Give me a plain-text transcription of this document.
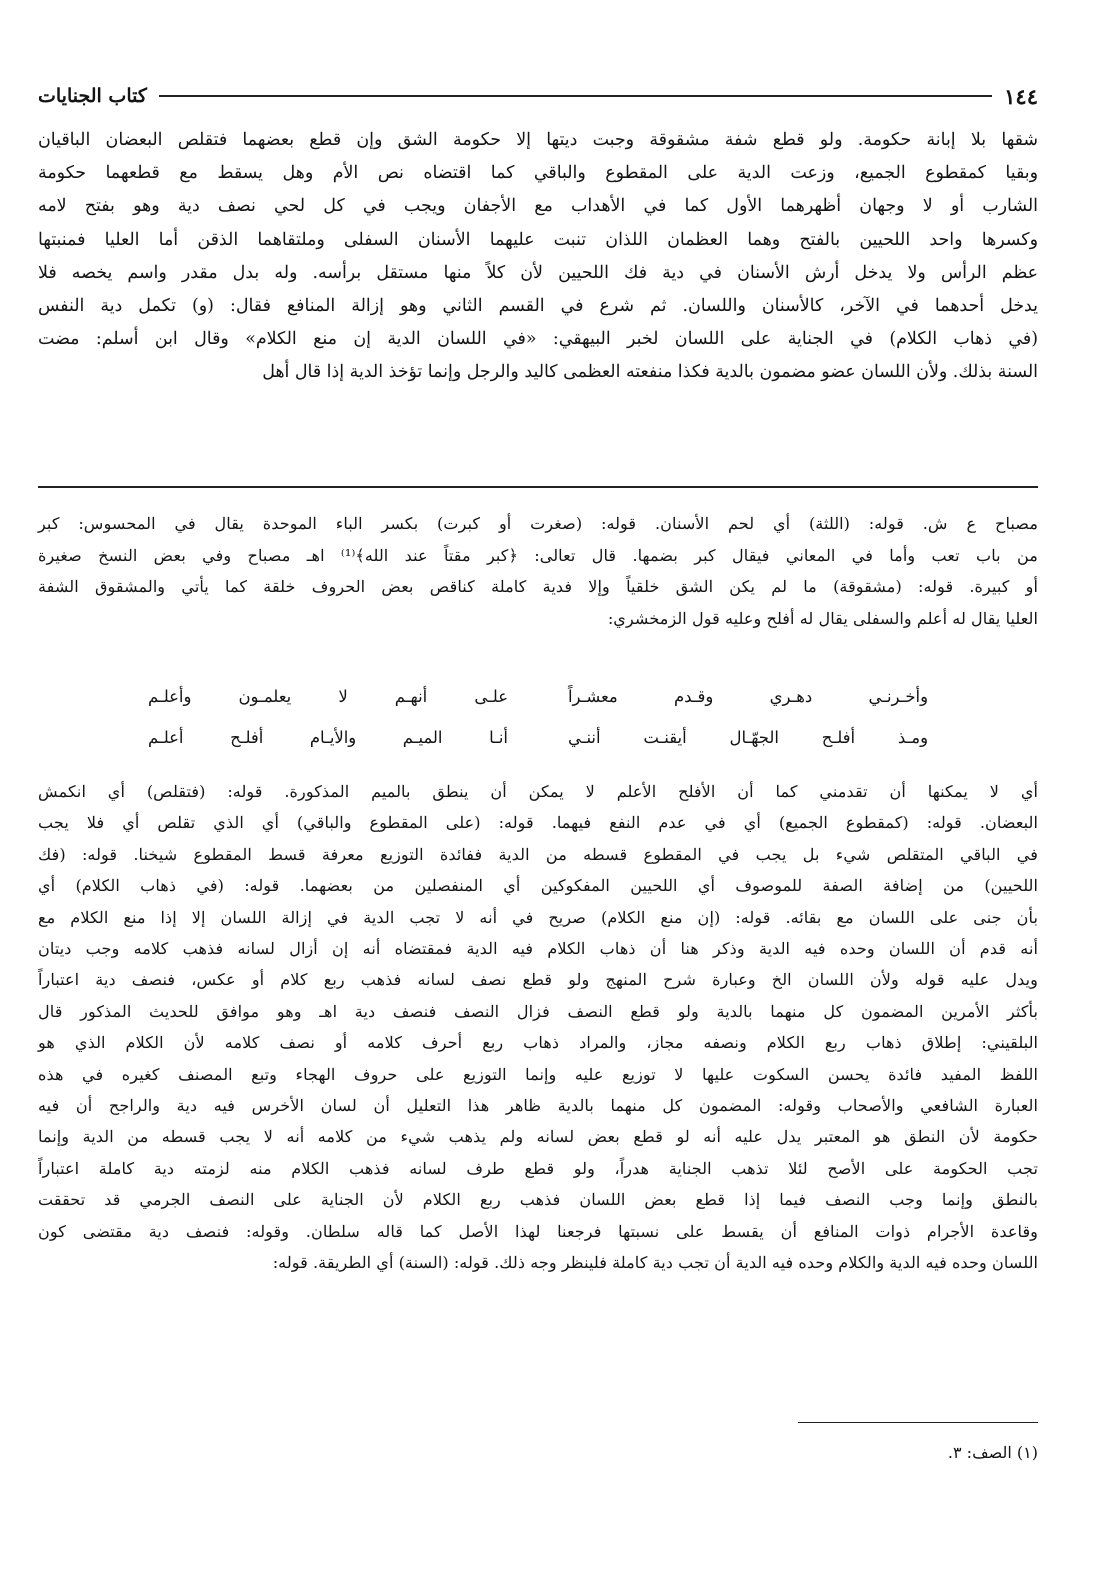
١٤٤
كتاب الجنايات

شقها بلا إبانة حكومة. ولو قطع شفة مشقوقة وجبت ديتها إلا حكومة الشق وإن قطع بعضهما فتقلص البعضان الباقيان

وبقيا كمقطوع الجميع، وزعت الدية على المقطوع والباقي كما اقتضاه نص الأم وهل يسقط مع قطعهما حكومة

الشارب أو لا وجهان أظهرهما الأول كما في الأهداب مع الأجفان ويجب في كل لحي نصف دية وهو بفتح لامه

وكسرها واحد اللحيين بالفتح وهما العظمان اللذان تنبت عليهما الأسنان السفلى وملتقاهما الذقن أما العليا فمنبتها

عظم الرأس ولا يدخل أرش الأسنان في دية فك اللحيين لأن كلاً منها مستقل برأسه. وله بدل مقدر واسم يخصه فلا

يدخل أحدهما في الآخر، كالأسنان واللسان. ثم شرع في القسم الثاني وهو إزالة المنافع فقال: (و) تكمل دية النفس

(في ذهاب الكلام) في الجناية على اللسان لخبر البيهقي: «في اللسان الدية إن منع الكلام» وقال ابن أسلم: مضت

السنة بذلك. ولأن اللسان عضو مضمون بالدية فكذا منفعته العظمى كاليد والرجل وإنما تؤخذ الدية إذا قال أهل

مصباح ع ش. قوله: (اللثة) أي لحم الأسنان. قوله: (صغرت أو كبرت) بكسر الباء الموحدة يقال في المحسوس: كبر

من باب تعب وأما في المعاني فيقال كبر بضمها. قال تعالى: ﴿كبر مقتاً عند الله﴾⁽¹⁾ اهـ مصباح وفي بعض النسخ صغيرة

أو كبيرة. قوله: (مشقوقة) ما لم يكن الشق خلقياً وإلا فدية كاملة كناقص بعض الحروف خلقة كما يأتي والمشقوق الشفة

العليا يقال له أعلم والسفلى يقال له أفلح وعليه قول الزمخشري:

وأخـرنـي دهـري وقـدم معشـراً
علـى أنهـم لا يعلمـون وأعلـم
ومـذ أفلـح الجهّـال أيقنـت أننـي
أنـا الميـم والأيـام أفلـح أعلـم

أي لا يمكنها أن تقدمني كما أن الأفلح الأعلم لا يمكن أن ينطق بالميم المذكورة. قوله: (فتقلص) أي انكمش

البعضان. قوله: (كمقطوع الجميع) أي في عدم النفع فيهما. قوله: (على المقطوع والباقي) أي الذي تقلص أي فلا يجب

في الباقي المتقلص شيء بل يجب في المقطوع قسطه من الدية ففائدة التوزيع معرفة قسط المقطوع شيخنا. قوله: (فك

اللحيين) من إضافة الصفة للموصوف أي اللحيين المفكوكين أي المنفصلين من بعضهما. قوله: (في ذهاب الكلام) أي

بأن جنى على اللسان مع بقائه. قوله: (إن منع الكلام) صريح في أنه لا تجب الدية في إزالة اللسان إلا إذا منع الكلام مع

أنه قدم أن اللسان وحده فيه الدية وذكر هنا أن ذهاب الكلام فيه الدية فمقتضاه أنه إن أزال لسانه فذهب كلامه وجب ديتان

ويدل عليه قوله ولأن اللسان الخ وعبارة شرح المنهج ولو قطع نصف لسانه فذهب ربع كلام أو عكس، فنصف دية اعتباراً

بأكثر الأمرين المضمون كل منهما بالدية ولو قطع النصف فزال النصف فنصف دية اهـ وهو موافق للحديث المذكور قال

البلقيني: إطلاق ذهاب ربع الكلام ونصفه مجاز، والمراد ذهاب ربع أحرف كلامه أو نصف كلامه لأن الكلام الذي هو

اللفظ المفيد فائدة يحسن السكوت عليها لا توزيع عليه وإنما التوزيع على حروف الهجاء وتبع المصنف كغيره في هذه

العبارة الشافعي والأصحاب وقوله: المضمون كل منهما بالدية ظاهر هذا التعليل أن لسان الأخرس فيه دية والراجح أن فيه

حكومة لأن النطق هو المعتبر يدل عليه أنه لو قطع بعض لسانه ولم يذهب شيء من كلامه أنه لا يجب قسطه من الدية وإنما

تجب الحكومة على الأصح لئلا تذهب الجناية هدراً، ولو قطع طرف لسانه فذهب الكلام منه لزمته دية كاملة اعتباراً

بالنطق وإنما وجب النصف فيما إذا قطع بعض اللسان فذهب ربع الكلام لأن الجناية على النصف الجرمي قد تحققت

وقاعدة الأجرام ذوات المنافع أن يقسط على نسبتها فرجعنا لهذا الأصل كما قاله سلطان. وقوله: فنصف دية مقتضى كون

اللسان وحده فيه الدية والكلام وحده فيه الدية أن تجب دية كاملة فلينظر وجه ذلك. قوله: (السنة) أي الطريقة. قوله:

(١) الصف: ٣.
